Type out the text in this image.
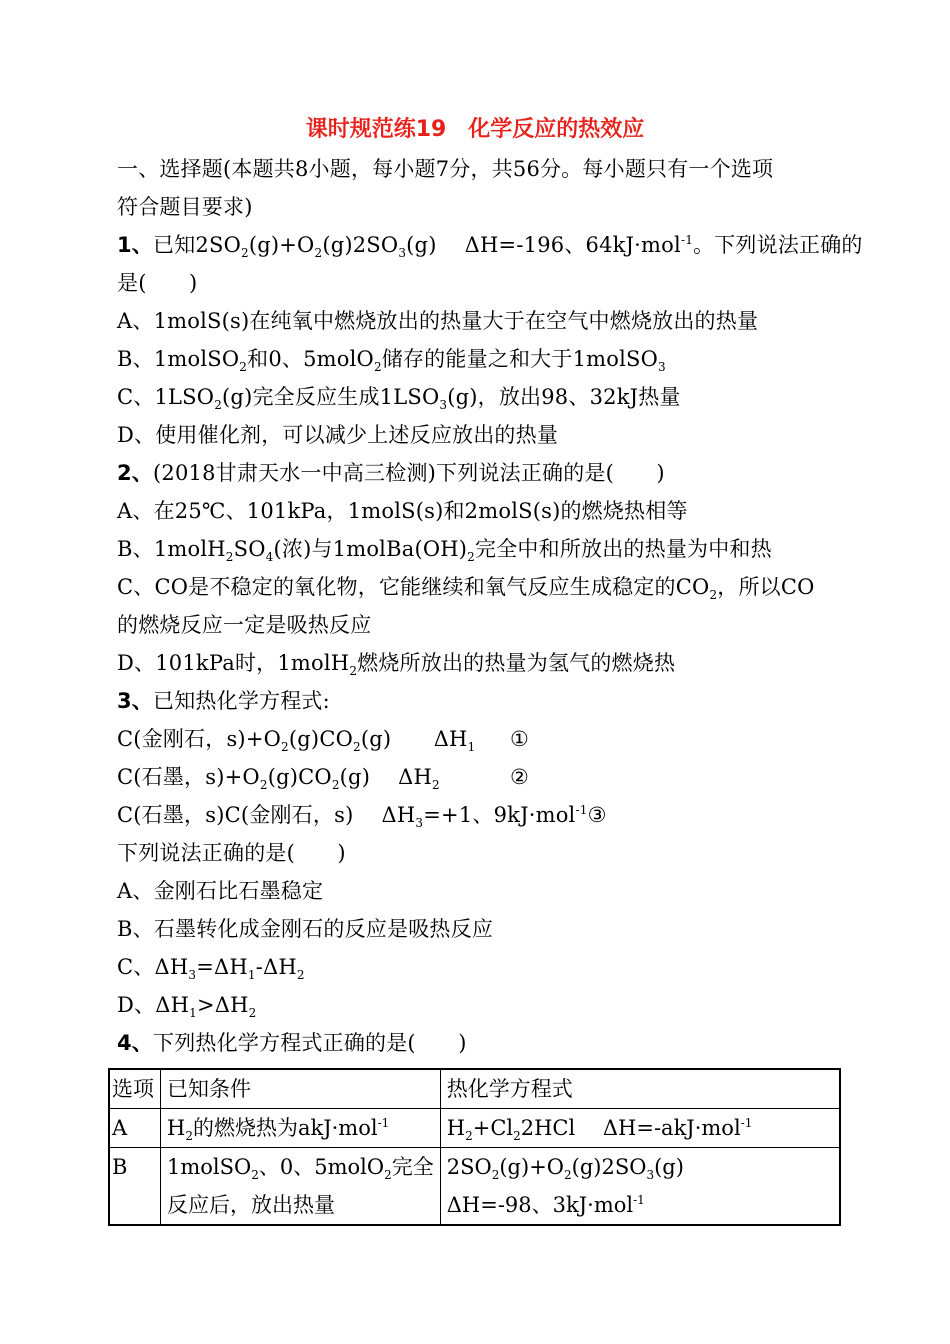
课时规范练19　化学反应的热效应
一、选择题(本题共8小题，每小题7分，共56分。每小题只有一个选项
符合题目要求)
1、已知$2SO_2(g)+O_2(g)2SO_3(g)$　 ΔH=-196、64kJ·mol$^{-1}$。下列说法正确的
是(　　)
A、1molS(s)在纯氧中燃烧放出的热量大于在空气中燃烧放出的热量
B、1molSO$_2$和0、5molO$_2$储存的能量之和大于1molSO$_3$
C、$1LSO_2(g)$完全反应生成$1LSO_3(g)$，放出98、32kJ热量
D、使用催化剂，可以减少上述反应放出的热量
2、(2018甘肃天水一中高三检测)下列说法正确的是(　　)
A、在25℃、101kPa，1molS(s)和2molS(s)的燃烧热相等
B、$1molH_2SO_4$(浓)与$1molBa(OH)_2$完全中和所放出的热量为中和热
C、CO是不稳定的氧化物，它能继续和氧气反应生成稳定的$CO_2$，所以CO
的燃烧反应一定是吸热反应
D、101kPa时，1molH$_2$燃烧所放出的热量为氢气的燃烧热
3、已知热化学方程式:
C(金刚石，$s)+O_2(g)CO_2(g)$　　$\Delta H_1$ ①
C(石墨，$s)+O_2(g)CO_2(g)$　 $\Delta H_2$	②
C(石墨，s)C(金刚石，s)　 $\Delta H_3=+1$、9kJ·mol$^{-1}$③
下列说法正确的是(　　)
A、金刚石比石墨稳定
B、石墨转化成金刚石的反应是吸热反应
C、$\Delta H_3=\Delta H_1-\Delta H_2$
D、$\Delta H_1>\Delta H_2$
4、下列热化学方程式正确的是(　　)
选项	已知条件	热化学方程式
A	$H_2$的燃烧热为akJ·mol$^{-1}$	$H_2+Cl_22HCl$　 ΔH=-akJ·mol$^{-1}$
B	1molSO$_2$、0、5molO$_2$完全
反应后，放出热量	$2SO_2(g)+O_2(g)2SO_3(g)$
ΔH=-98、3kJ·mol$^{-1}$
